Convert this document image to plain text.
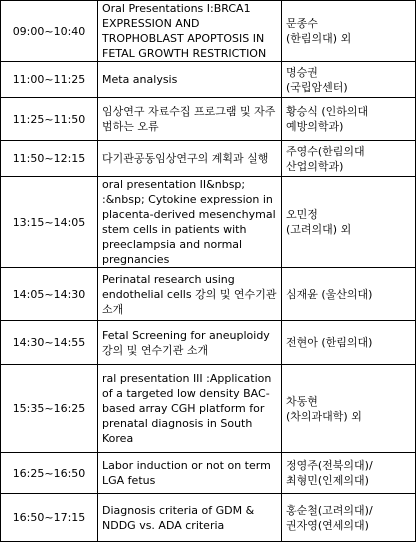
09:00~10:40	Oral Presentations Ⅰ:BRCA1 EXPRESSION AND TROPHOBLAST APOPTOSIS IN FETAL GROWTH RESTRICTION	문종수
(한림의대) 외

11:00~11:25	Meta analysis	명승권
(국립암센터)

11:25~11:50	임상연구 자료수집 프로그램 및 자주 범하는 오류	황승식 (인하의대
예방의학과)

11:50~12:15	다기관공동임상연구의 계획과 실행	주영수(한림의대
산업의학과)

13:15~14:05	oral presentation II&nbsp; :&nbsp; Cytokine expression in placenta-derived mesenchymal stem cells in patients with preeclampsia and normal pregnancies	오민정
(고려의대) 외

14:05~14:30	Perinatal research using endothelial cells 강의 및 연수기관 소개	심재윤 (울산의대)

14:30~14:55	Fetal Screening for aneuploidy 강의 및 연수기관 소개	전현아 (한림의대)

15:35~16:25	ral presentation III :Application of a targeted low density BAC-based array CGH platform for prenatal diagnosis in South Korea	차동현
(차의과대학) 외

16:25~16:50	Labor induction or not on term LGA fetus	정영주(전북의대)/
최형민(인제의대)

16:50~17:15	Diagnosis criteria of GDM & NDDG vs. ADA criteria	홍순철(고려의대)/
권자영(연세의대)
